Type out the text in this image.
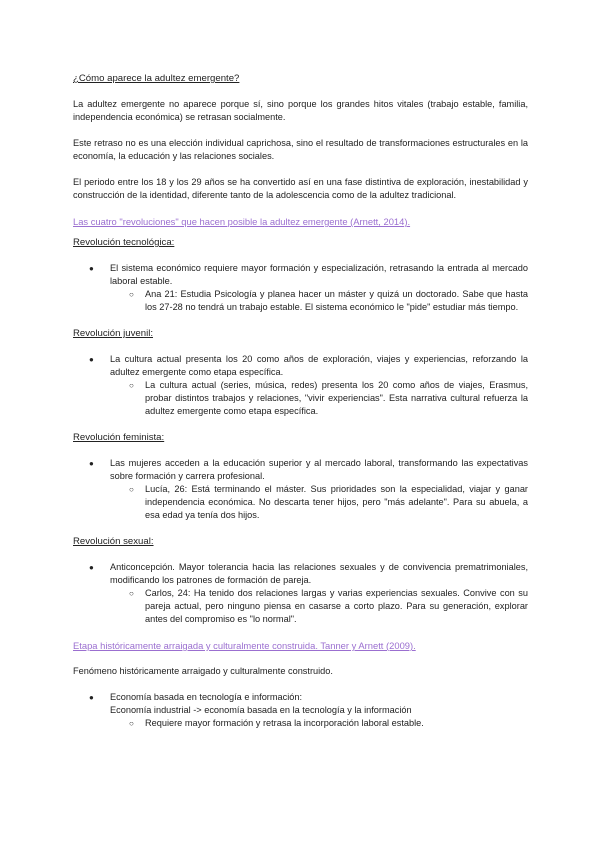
¿Cómo aparece la adultez emergente?

La adultez emergente no aparece porque sí, sino porque los grandes hitos vitales (trabajo estable, familia, independencia económica) se retrasan socialmente.

Este retraso no es una elección individual caprichosa, sino el resultado de transformaciones estructurales en la economía, la educación y las relaciones sociales.

El periodo entre los 18 y los 29 años se ha convertido así en una fase distintiva de exploración, inestabilidad y construcción de la identidad, diferente tanto de la adolescencia como de la adultez tradicional.

Las cuatro "revoluciones" que hacen posible la adultez emergente (Arnett, 2014).

Revolución tecnológica:

● El sistema económico requiere mayor formación y especialización, retrasando la entrada al mercado laboral estable.
○ Ana 21: Estudia Psicología y planea hacer un máster y quizá un doctorado. Sabe que hasta los 27-28 no tendrá un trabajo estable. El sistema económico le "pide" estudiar más tiempo.

Revolución juvenil:

● La cultura actual presenta los 20 como años de exploración, viajes y experiencias, reforzando la adultez emergente como etapa específica.
○ La cultura actual (series, música, redes) presenta los 20 como años de viajes, Erasmus, probar distintos trabajos y relaciones, "vivir experiencias". Esta narrativa cultural refuerza la adultez emergente como etapa específica.

Revolución feminista:

● Las mujeres acceden a la educación superior y al mercado laboral, transformando las expectativas sobre formación y carrera profesional.
○ Lucía, 26: Está terminando el máster. Sus prioridades son la especialidad, viajar y ganar independencia económica. No descarta tener hijos, pero "más adelante". Para su abuela, a esa edad ya tenía dos hijos.

Revolución sexual:

● Anticoncepción. Mayor tolerancia hacia las relaciones sexuales y de convivencia prematrimoniales, modificando los patrones de formación de pareja.
○ Carlos, 24: Ha tenido dos relaciones largas y varias experiencias sexuales. Convive con su pareja actual, pero ninguno piensa en casarse a corto plazo. Para su generación, explorar antes del compromiso es "lo normal".

Etapa históricamente arraigada y culturalmente construida. Tanner y Arnett (2009).

Fenómeno históricamente arraigado y culturalmente construido.

● Economía basada en tecnología e información:
Economía industrial -> economía basada en la tecnología y la información
○ Requiere mayor formación y retrasa la incorporación laboral estable.
